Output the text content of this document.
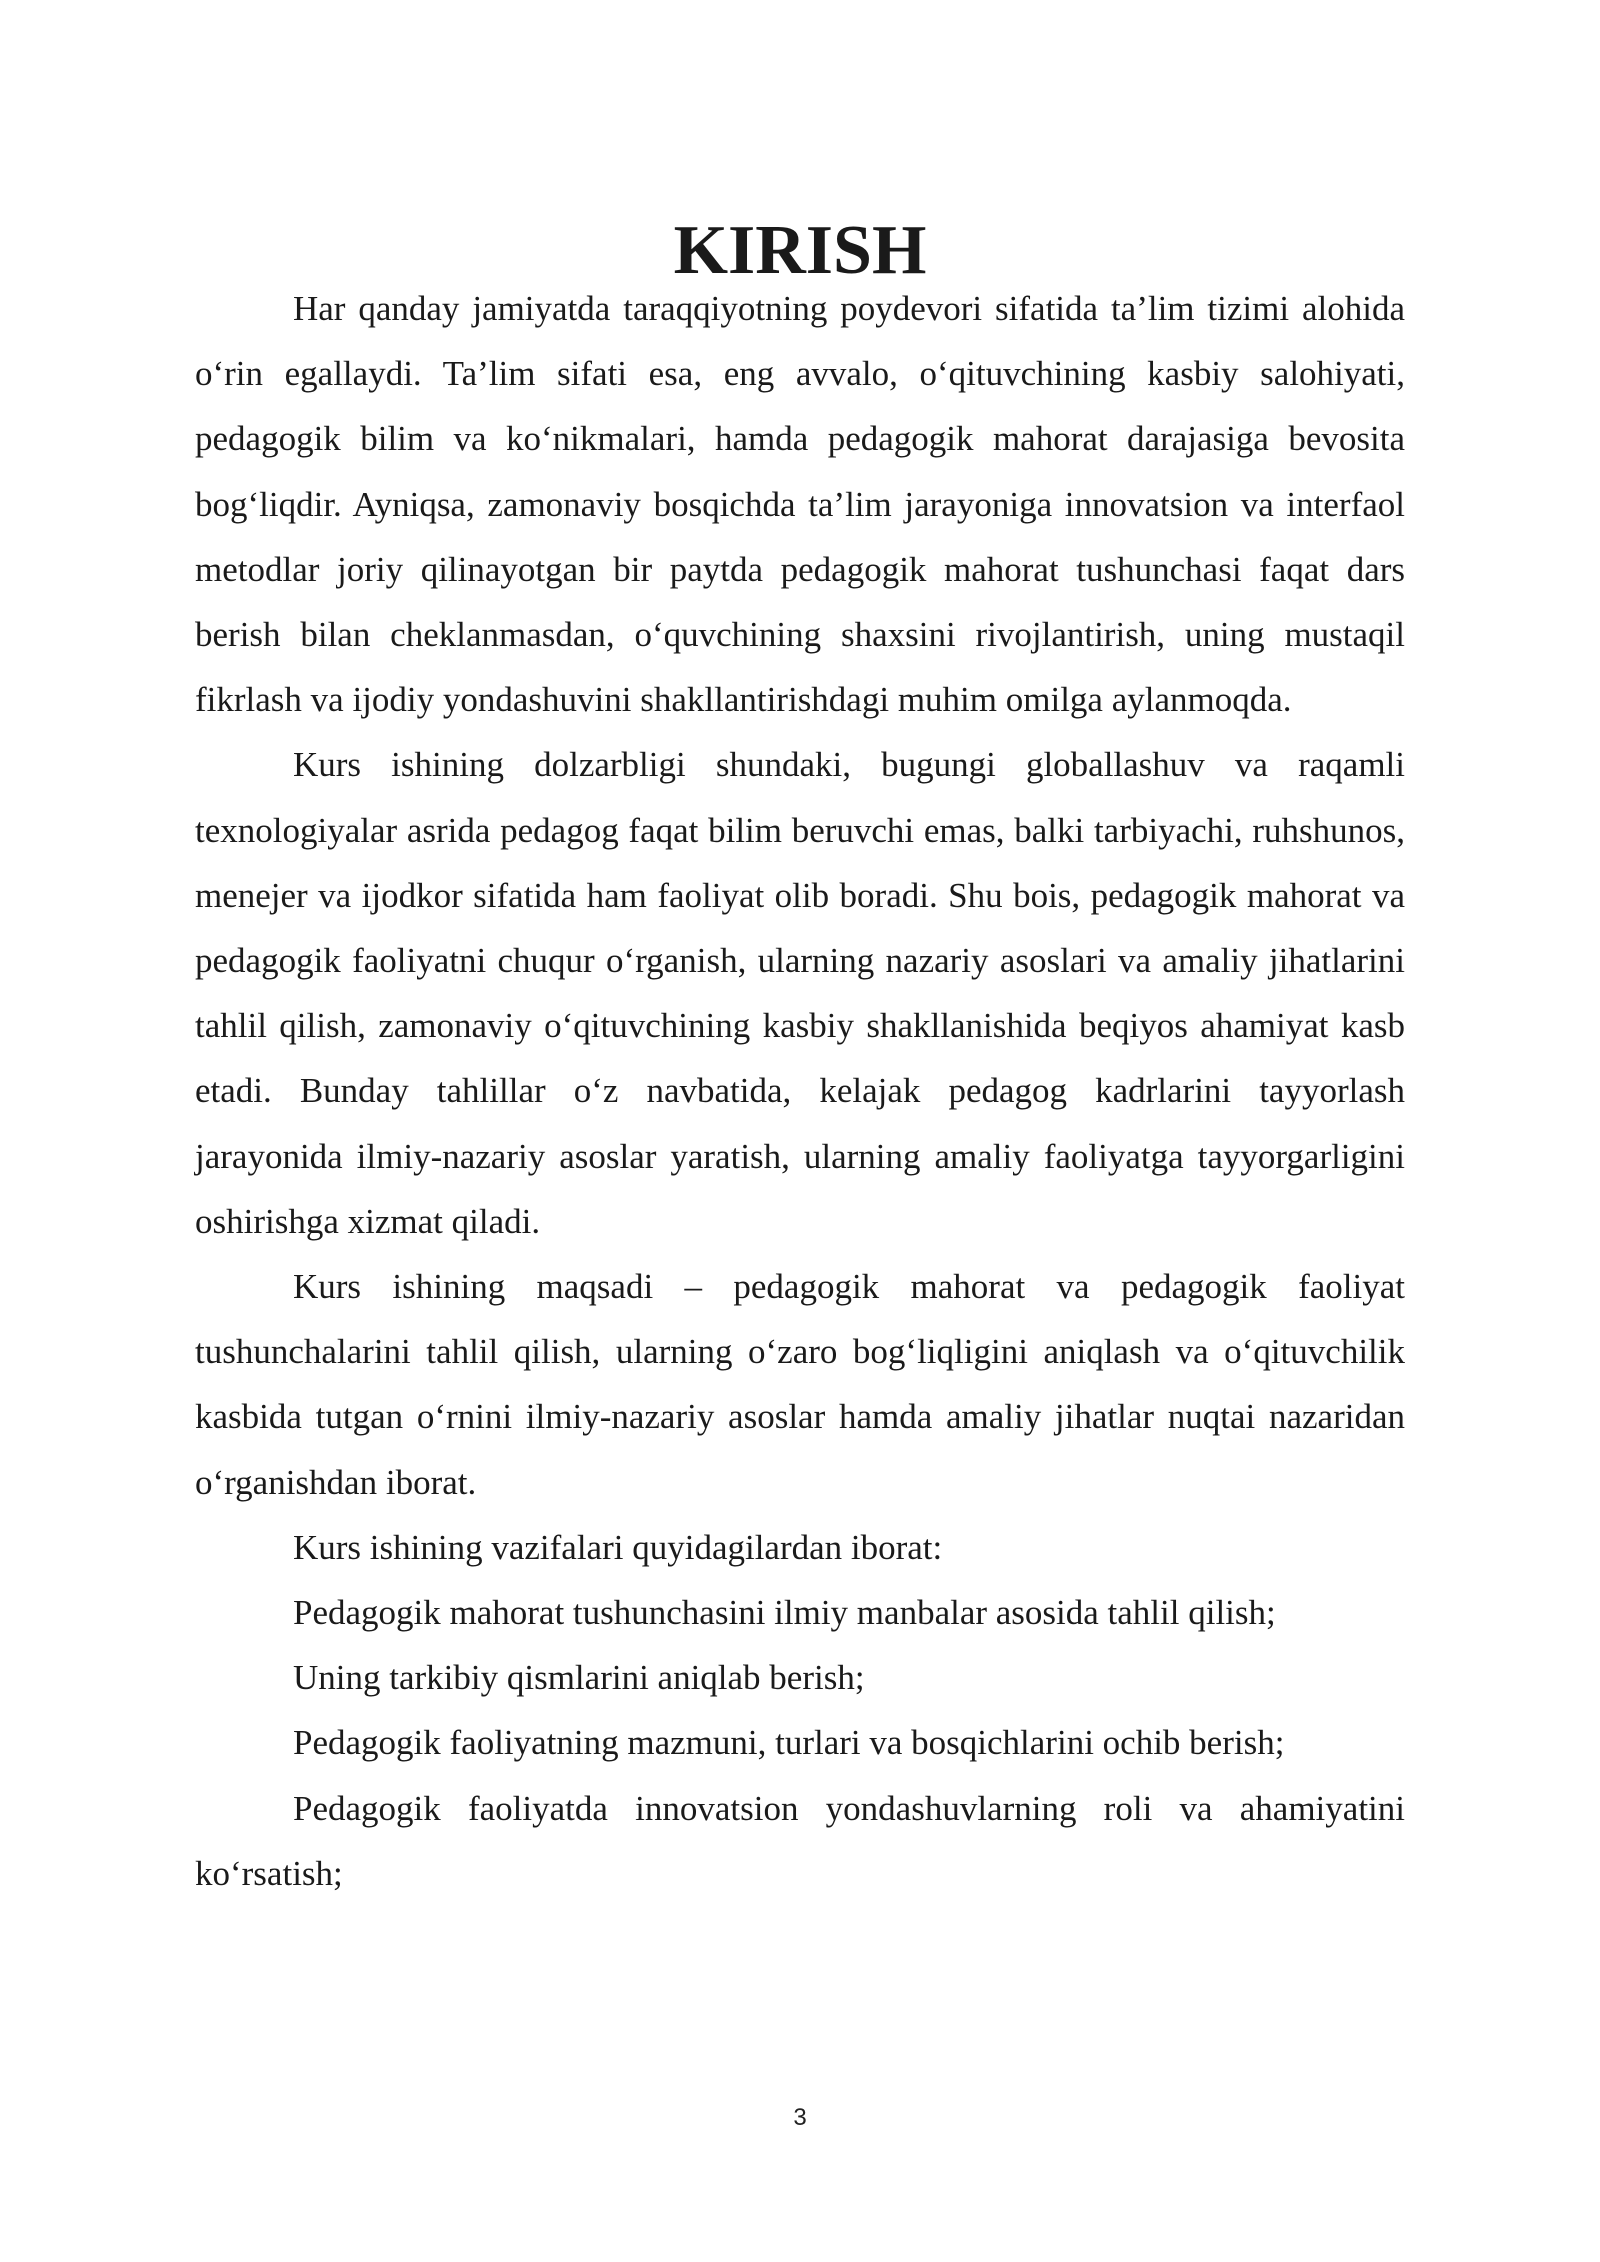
KIRISH

Har qanday jamiyatda taraqqiyotning poydevori sifatida ta’lim tizimi alohida o‘rin egallaydi. Ta’lim sifati esa, eng avvalo, o‘qituvchining kasbiy salohiyati, pedagogik bilim va ko‘nikmalari, hamda pedagogik mahorat darajasiga bevosita bog‘liqdir. Ayniqsa, zamonaviy bosqichda ta’lim jarayoniga innovatsion va interfaol metodlar joriy qilinayotgan bir paytda pedagogik mahorat tushunchasi faqat dars berish bilan cheklanmasdan, o‘quvchining shaxsini rivojlantirish, uning mustaqil fikrlash va ijodiy yondashuvini shakllantirishdagi muhim omilga aylanmoqda.

Kurs ishining dolzarbligi shundaki, bugungi globallashuv va raqamli texnologiyalar asrida pedagog faqat bilim beruvchi emas, balki tarbiyachi, ruhshunos, menejer va ijodkor sifatida ham faoliyat olib boradi. Shu bois, pedagogik mahorat va pedagogik faoliyatni chuqur o‘rganish, ularning nazariy asoslari va amaliy jihatlarini tahlil qilish, zamonaviy o‘qituvchining kasbiy shakllanishida beqiyos ahamiyat kasb etadi. Bunday tahlillar o‘z navbatida, kelajak pedagog kadrlarini tayyorlash jarayonida ilmiy-nazariy asoslar yaratish, ularning amaliy faoliyatga tayyorgarligini oshirishga xizmat qiladi.

Kurs ishining maqsadi – pedagogik mahorat va pedagogik faoliyat tushunchalarini tahlil qilish, ularning o‘zaro bog‘liqligini aniqlash va o‘qituvchilik kasbida tutgan o‘rnini ilmiy-nazariy asoslar hamda amaliy jihatlar nuqtai nazaridan o‘rganishdan iborat.

Kurs ishining vazifalari quyidagilardan iborat:

Pedagogik mahorat tushunchasini ilmiy manbalar asosida tahlil qilish;

Uning tarkibiy qismlarini aniqlab berish;

Pedagogik faoliyatning mazmuni, turlari va bosqichlarini ochib berish;

Pedagogik faoliyatda innovatsion yondashuvlarning roli va ahamiyatini ko‘rsatish;

3
